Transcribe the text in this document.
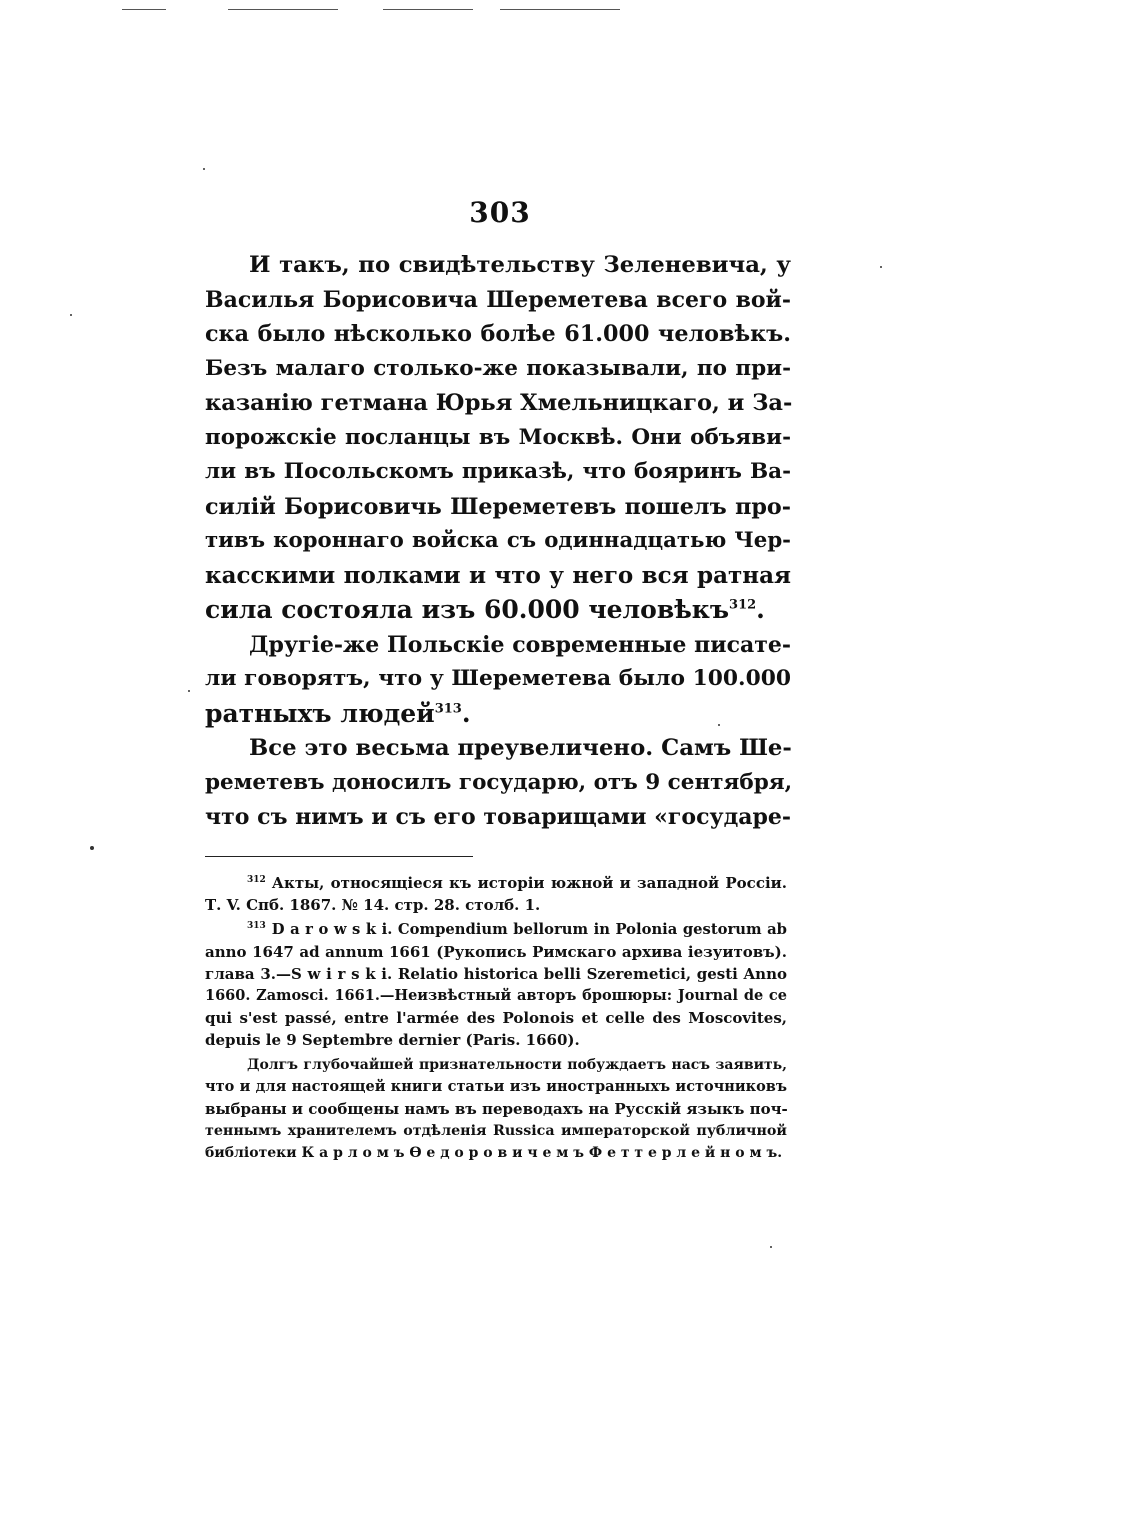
303
И такъ, по свидѣтельству Зеленевича, у
Василья Борисовича Шереметева всего вой-
ска было нѣсколько болѣе 61.000 человѣкъ.
Безъ малаго столько-же показывали, по при-
казанію гетмана Юрья Хмельницкаго, и За-
порожскіе посланцы въ Москвѣ. Они объяви-
ли въ Посольскомъ приказѣ, что бояринъ Ва-
силій Борисовичь Шереметевъ пошелъ про-
тивъ короннаго войска съ одиннадцатью Чер-
касскими полками и что у него вся ратная
сила состояла изъ 60.000 человѣкъ$^{312}$.
Другіе-же Польскіе современные писате-
ли говорятъ, что у Шереметева было 100.000
ратныхъ людей$^{313}$.
Все это весьма преувеличено. Самъ Ше-
реметевъ доносилъ государю, отъ 9 сентября,
что съ нимъ и съ его товарищами «государе-
$^{312}$ Акты, относящіеся къ исторіи южной и западной Россіи.
Т. V. Спб. 1867. № 14. стр. 28. столб. 1.
$^{313}$ D a r o w s k i. Compendium bellorum in Polonia gestorum ab
anno 1647 ad annum 1661 (Рукопись Римскаго архива іезуитовъ).
глава 3.—S w i r s k i. Relatio historica belli Szeremetici, gesti Anno
1660. Zamosci. 1661.—Неизвѣстный авторъ брошюры: Journal de ce
qui s'est passé, entre l'armée des Polonois et celle des Moscovites,
depuis le 9 Septembre dernier (Paris. 1660).
Долгъ глубочайшей признательности побуждаетъ насъ заявить,
что и для настоящей книги статьи изъ иностранныхъ источниковъ
выбраны и сообщены намъ въ переводахъ на Русскій языкъ поч-
теннымъ хранителемъ отдѣленія Russica императорской публичной
библіотеки К а р л о м ъ Ѳ е д о р о в и ч е м ъ Ф е т т е р л е й н о м ъ.
